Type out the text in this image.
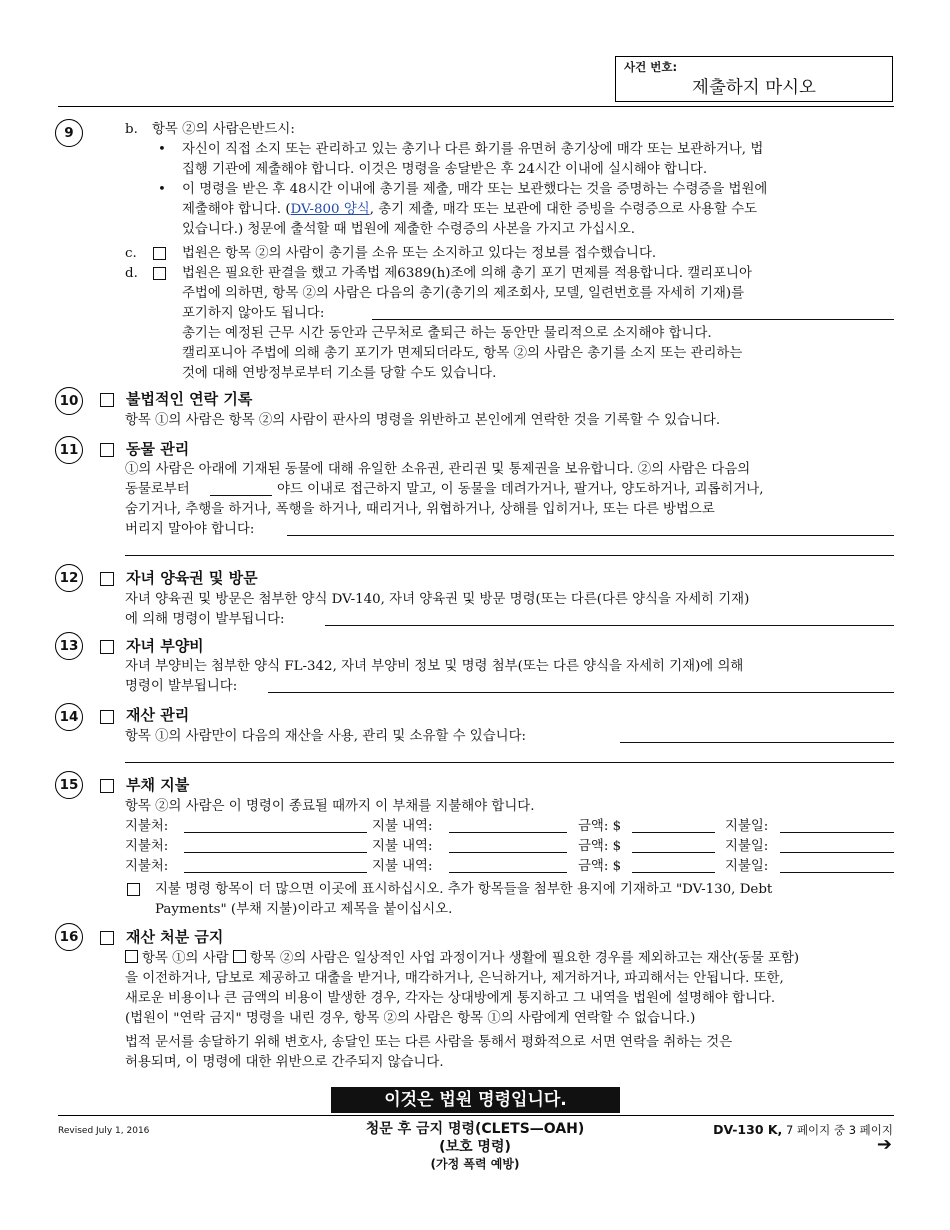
사건 번호:
제출하지 마시오
9	b. 항목 ②의 사람은반드시:
• 자신이 직접 소지 또는 관리하고 있는 총기나 다른 화기를 유면허 총기상에 매각 또는 보관하거나, 법
집행 기관에 제출해야 합니다. 이것은 명령을 송달받은 후 24시간 이내에 실시해야 합니다.
• 이 명령을 받은 후 48시간 이내에 총기를 제출, 매각 또는 보관했다는 것을 증명하는 수령증을 법원에
제출해야 합니다. (DV-800 양식, 총기 제출, 매각 또는 보관에 대한 증빙을 수령증으로 사용할 수도
있습니다.) 청문에 출석할 때 법원에 제출한 수령증의 사본을 가지고 가십시오.
c.	법원은 항목 ②의 사람이 총기를 소유 또는 소지하고 있다는 정보를 접수했습니다.
d.	법원은 필요한 판결을 했고 가족법 제6389(h)조에 의해 총기 포기 면제를 적용합니다. 캘리포니아
주법에 의하면, 항목 ②의 사람은 다음의 총기(총기의 제조회사, 모델, 일련번호를 자세히 기재)를
포기하지 않아도 됩니다:
총기는 예정된 근무 시간 동안과 근무처로 출퇴근 하는 동안만 물리적으로 소지해야 합니다.
캘리포니아 주법에 의해 총기 포기가 면제되더라도, 항목 ②의 사람은 총기를 소지 또는 관리하는
것에 대해 연방정부로부터 기소를 당할 수도 있습니다.
10	불법적인 연락 기록
항목 ①의 사람은 항목 ②의 사람이 판사의 명령을 위반하고 본인에게 연락한 것을 기록할 수 있습니다.
11	동물 관리
①의 사람은 아래에 기재된 동물에 대해 유일한 소유권, 관리권 및 통제권을 보유합니다. ②의 사람은 다음의
동물로부터	야드 이내로 접근하지 말고, 이 동물을 데려가거나, 팔거나, 양도하거나, 괴롭히거나,
숨기거나, 추행을 하거나, 폭행을 하거나, 때리거나, 위협하거나, 상해를 입히거나, 또는 다른 방법으로
버리지 말아야 합니다:
12	자녀 양육권 및 방문
자녀 양육권 및 방문은 첨부한 양식 DV-140, 자녀 양육권 및 방문 명령(또는 다른(다른 양식을 자세히 기재)
에 의해 명령이 발부됩니다:
13	자녀 부양비
자녀 부양비는 첨부한 양식 FL-342, 자녀 부양비 정보 및 명령 첨부(또는 다른 양식을 자세히 기재)에 의해
명령이 발부됩니다:
14	재산 관리
항목 ①의 사람만이 다음의 재산을 사용, 관리 및 소유할 수 있습니다:
15	부채 지불
항목 ②의 사람은 이 명령이 종료될 때까지 이 부채를 지불해야 합니다.
지불처:	지불 내역:	금액: $	지불일:
지불처:	지불 내역:	금액: $	지불일:
지불처:	지불 내역:	금액: $	지불일:
지불 명령 항목이 더 많으면 이곳에 표시하십시오. 추가 항목들을 첨부한 용지에 기재하고 "DV-130, Debt
Payments" (부채 지불)이라고 제목을 붙이십시오.
16	재산 처분 금지
항목 ①의 사람 항목 ②의 사람은 일상적인 사업 과정이거나 생활에 필요한 경우를 제외하고는 재산(동물 포함)
을 이전하거나, 담보로 제공하고 대출을 받거나, 매각하거나, 은닉하거나, 제거하거나, 파괴해서는 안됩니다. 또한,
새로운 비용이나 큰 금액의 비용이 발생한 경우, 각자는 상대방에게 통지하고 그 내역을 법원에 설명해야 합니다.
(법원이 "연락 금지" 명령을 내린 경우, 항목 ②의 사람은 항목 ①의 사람에게 연락할 수 없습니다.)
법적 문서를 송달하기 위해 변호사, 송달인 또는 다른 사람을 통해서 평화적으로 서면 연락을 취하는 것은
허용되며, 이 명령에 대한 위반으로 간주되지 않습니다.
이것은 법원 명령입니다.
Revised July 1, 2016	청문 후 금지 명령(CLETS—OAH)
(보호 명령)
(가정 폭력 예방)
DV-130 K, 7 페이지 중 3 페이지
➔
